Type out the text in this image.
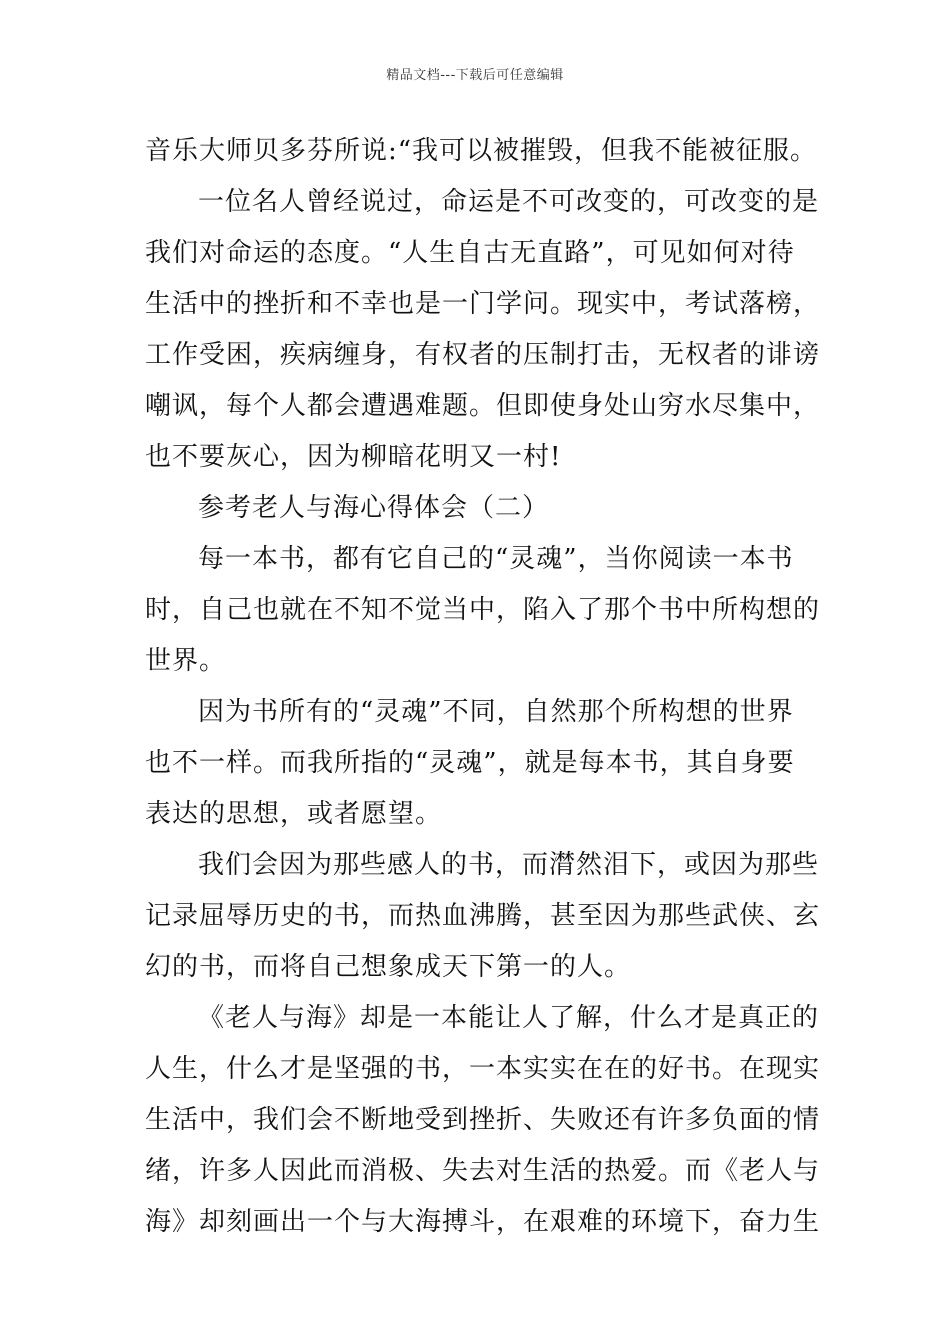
精品文档---下载后可任意编辑
音乐大师贝多芬所说:“我可以被摧毁，但我不能被征服。
一位名人曾经说过，命运是不可改变的，可改变的是
我们对命运的态度。“人生自古无直路”，可见如何对待
生活中的挫折和不幸也是一门学问。现实中，考试落榜，
工作受困，疾病缠身，有权者的压制打击，无权者的诽谤
嘲讽，每个人都会遭遇难题。但即使身处山穷水尽集中，
也不要灰心，因为柳暗花明又一村!
参考老人与海心得体会（二）
每一本书，都有它自己的“灵魂”，当你阅读一本书
时，自己也就在不知不觉当中，陷入了那个书中所构想的
世界。
因为书所有的“灵魂”不同，自然那个所构想的世界
也不一样。而我所指的“灵魂”，就是每本书，其自身要
表达的思想，或者愿望。
我们会因为那些感人的书，而潸然泪下，或因为那些
记录屈辱历史的书，而热血沸腾，甚至因为那些武侠、玄
幻的书，而将自己想象成天下第一的人。
《老人与海》却是一本能让人了解，什么才是真正的
人生，什么才是坚强的书，一本实实在在的好书。在现实
生活中，我们会不断地受到挫折、失败还有许多负面的情
绪，许多人因此而消极、失去对生活的热爱。而《老人与
海》却刻画出一个与大海搏斗，在艰难的环境下，奋力生
